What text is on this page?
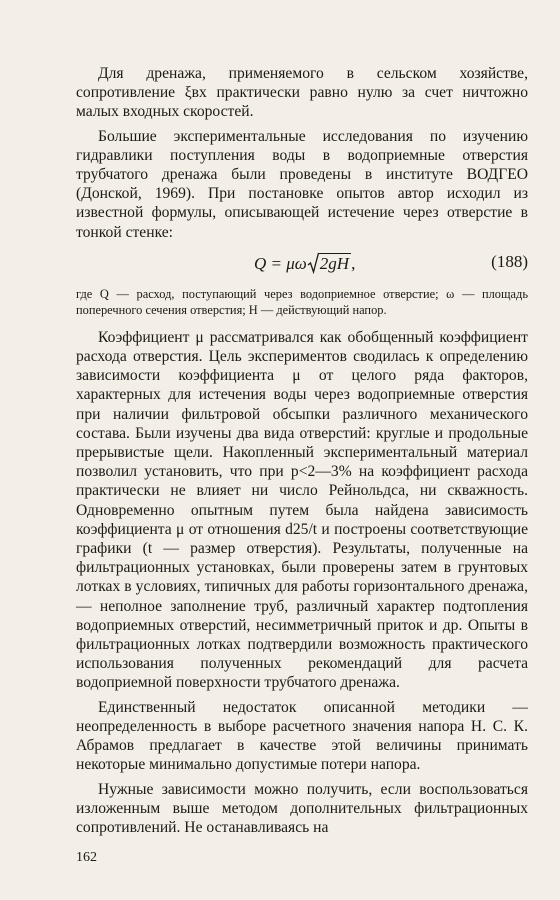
Для дренажа, применяемого в сельском хозяйстве, сопротивление ξвх практически равно нулю за счет ничтожно малых входных скоростей.

Большие экспериментальные исследования по изучению гидравлики поступления воды в водоприемные отверстия трубчатого дренажа были проведены в институте ВОДГЕО (Донской, 1969). При постановке опытов автор исходил из известной формулы, описывающей истечение через отверстие в тонкой стенке:

Q = μω 2gH ,	(188)

где Q — расход, поступающий через водоприемное отверстие; ω — площадь поперечного сечения отверстия; H — действующий напор.

Коэффициент μ рассматривался как обобщенный коэффициент расхода отверстия. Цель экспериментов сводилась к определению зависимости коэффициента μ от целого ряда факторов, характерных для истечения воды через водоприемные отверстия при наличии фильтровой обсыпки различного механического состава. Были изучены два вида отверстий: круглые и продольные прерывистые щели. Накопленный экспериментальный материал позволил установить, что при p<2—3% на коэффициент расхода практически не влияет ни число Рейнольдса, ни скважность. Одновременно опытным путем была найдена зависимость коэффициента μ от отношения d25/t и построены соответствующие графики (t — размер отверстия). Результаты, полученные на фильтрационных установках, были проверены затем в грунтовых лотках в условиях, типичных для работы горизонтального дренажа,— неполное заполнение труб, различный характер подтопления водоприемных отверстий, несимметричный приток и др. Опыты в фильтрационных лотках подтвердили возможность практического использования полученных рекомендаций для расчета водоприемной поверхности трубчатого дренажа.

Единственный недостаток описанной методики — неопределенность в выборе расчетного значения напора H. С. К. Абрамов предлагает в качестве этой величины принимать некоторые минимально допустимые потери напора.

Нужные зависимости можно получить, если воспользоваться изложенным выше методом дополнительных фильтрационных сопротивлений. Не останавливаясь на

162
